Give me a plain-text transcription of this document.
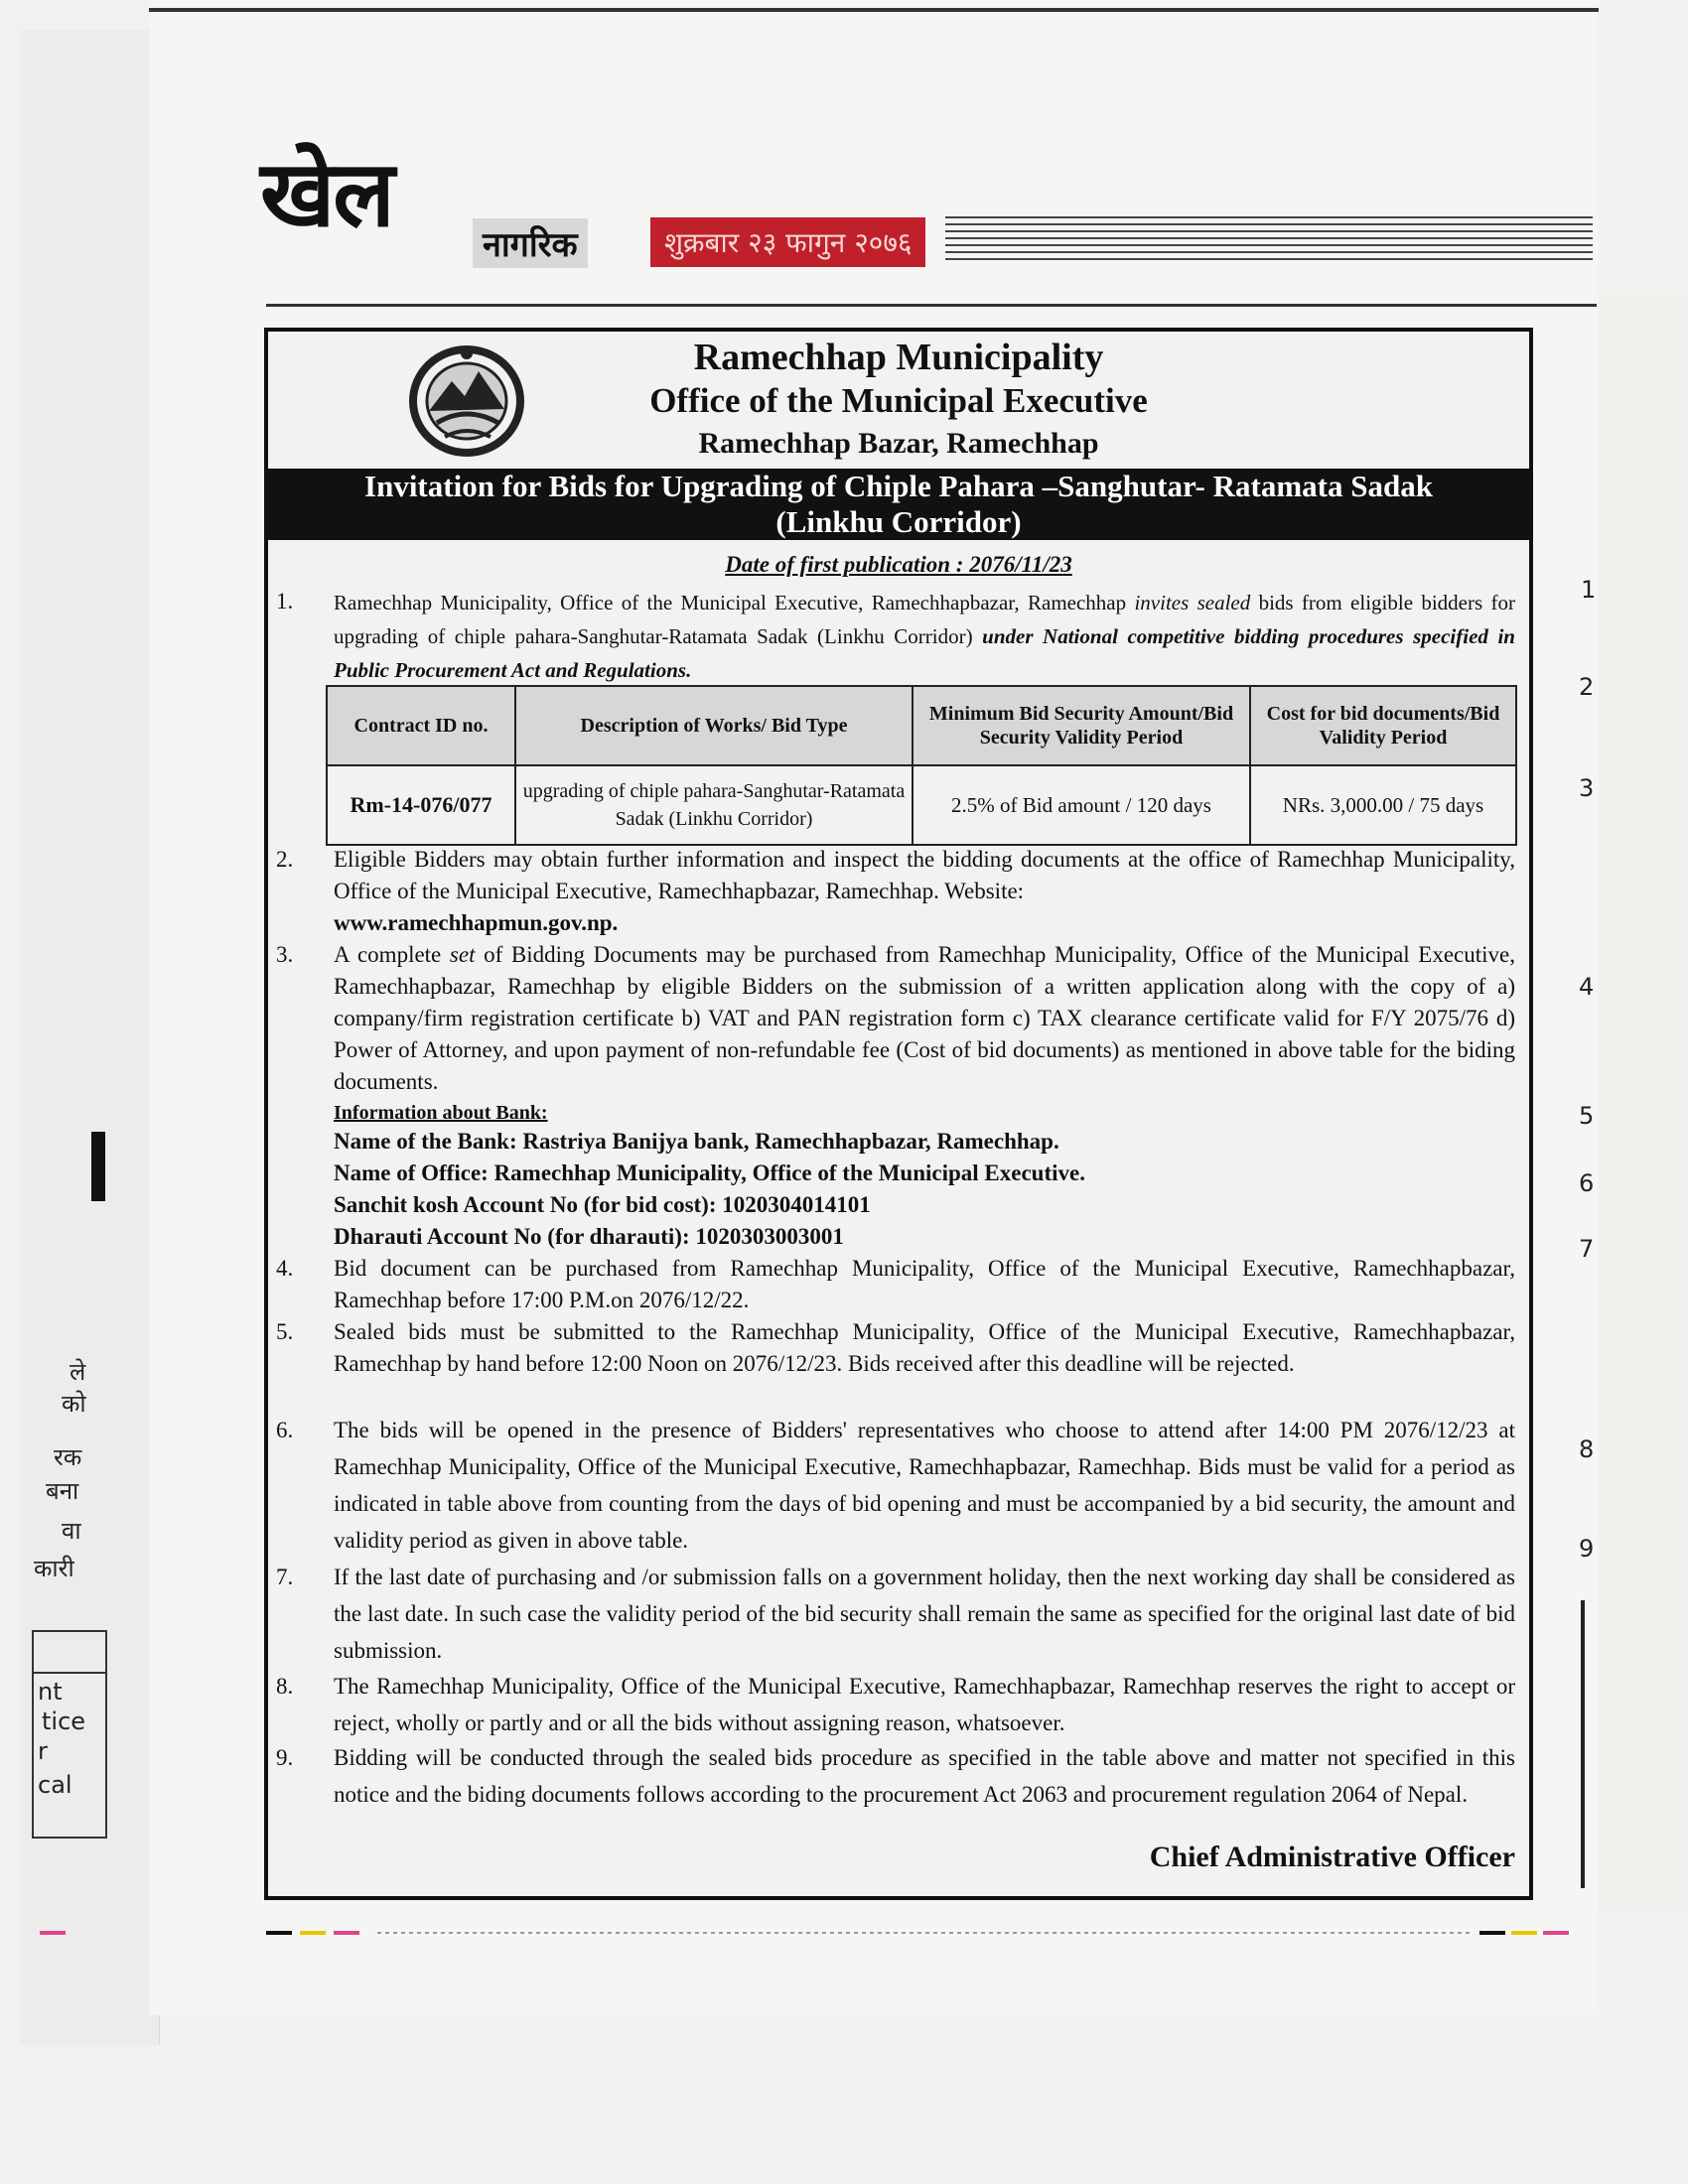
खेल	नागरिक	शुक्रबार २३ फागुन २०७६
ले
को
रक
बना
वा
कारी
nt
tice
r
cal
1
2
3
4
5
6
7
8
9
Ramechhap Municipality
Office of the Municipal Executive
Ramechhap Bazar, Ramechhap
Invitation for Bids for Upgrading of Chiple Pahara –Sanghutar- Ratamata Sadak
(Linkhu Corridor)
Date of first publication : 2076/11/23
1.	Ramechhap Municipality, Office of the Municipal Executive, Ramechhapbazar, Ramechhap invites sealed bids from eligible bidders for upgrading of chiple pahara-Sanghutar-Ratamata Sadak (Linkhu Corridor) under National competitive bidding procedures specified in Public Procurement Act and Regulations.
Contract ID no.	Description of Works/ Bid Type	Minimum Bid Security Amount/Bid Security Validity Period	Cost for bid documents/Bid Validity Period
Rm-14-076/077	upgrading of chiple pahara-Sanghutar-Ratamata Sadak (Linkhu Corridor)	2.5% of Bid amount / 120 days	NRs. 3,000.00 / 75 days
2.	Eligible Bidders may obtain further information and inspect the bidding documents at the office of Ramechhap Municipality, Office of the Municipal Executive, Ramechhapbazar, Ramechhap. Website:
www.ramechhapmun.gov.np.
3.	A complete set of Bidding Documents may be purchased from Ramechhap Municipality, Office of the Municipal Executive, Ramechhapbazar, Ramechhap by eligible Bidders on the submission of a written application along with the copy of a) company/firm registration certificate b) VAT and PAN registration form c) TAX clearance certificate valid for F/Y 2075/76 d) Power of Attorney, and upon payment of non-refundable fee (Cost of bid documents) as mentioned in above table for the biding documents.
Information about Bank:
Name of the Bank: Rastriya Banijya bank, Ramechhapbazar, Ramechhap.
Name of Office: Ramechhap Municipality, Office of the Municipal Executive.
Sanchit kosh Account No (for bid cost): 1020304014101
Dharauti Account No (for dharauti): 1020303003001
4.	Bid document can be purchased from Ramechhap Municipality, Office of the Municipal Executive, Ramechhapbazar, Ramechhap before 17:00 P.M.on 2076/12/22.
5.	Sealed bids must be submitted to the Ramechhap Municipality, Office of the Municipal Executive, Ramechhapbazar, Ramechhap by hand before 12:00 Noon on 2076/12/23. Bids received after this deadline will be rejected.
6.	The bids will be opened in the presence of Bidders' representatives who choose to attend after 14:00 PM 2076/12/23 at Ramechhap Municipality, Office of the Municipal Executive, Ramechhapbazar, Ramechhap. Bids must be valid for a period as indicated in table above from counting from the days of bid opening and must be accompanied by a bid security, the amount and validity period as given in above table.
7.	If the last date of purchasing and /or submission falls on a government holiday, then the next working day shall be considered as the last date. In such case the validity period of the bid security shall remain the same as specified for the original last date of bid submission.
8.	The Ramechhap Municipality, Office of the Municipal Executive, Ramechhapbazar, Ramechhap reserves the right to accept or reject, wholly or partly and or all the bids without assigning reason, whatsoever.
9.	Bidding will be conducted through the sealed bids procedure as specified in the table above and matter not specified in this notice and the biding documents follows according to the procurement Act 2063 and procurement regulation 2064 of Nepal.
Chief Administrative Officer
